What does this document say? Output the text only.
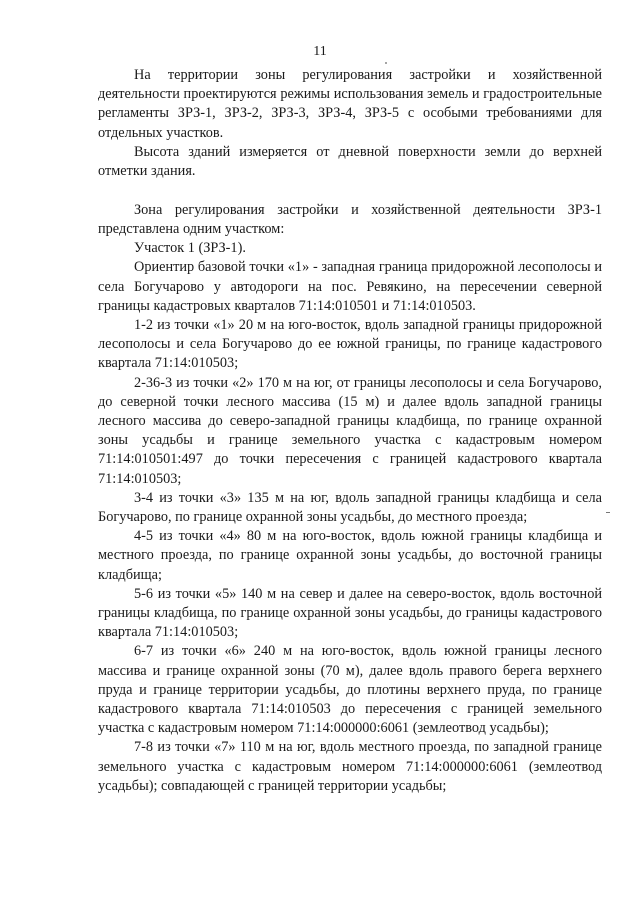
11

На территории зоны регулирования застройки и хозяйственной деятельности проектируются режимы использования земель и градостроительные регламенты ЗРЗ-1, ЗРЗ-2, ЗРЗ-3, ЗРЗ-4, ЗРЗ-5 с особыми требованиями для отдельных участков.

Высота зданий измеряется от дневной поверхности земли до верхней отметки здания.

Зона регулирования застройки и хозяйственной деятельности ЗРЗ-1 представлена одним участком:

Участок 1 (ЗРЗ-1).

Ориентир базовой точки «1» - западная граница придорожной лесополосы и села Богучарово у автодороги на пос. Ревякино, на пересечении северной границы кадастровых кварталов 71:14:010501 и 71:14:010503.

1-2 из точки «1» 20 м на юго-восток, вдоль западной границы придорожной лесополосы и села Богучарово до ее южной границы, по границе кадастрового квартала 71:14:010503;

2-36-3 из точки «2» 170 м на юг, от границы лесополосы и села Богучарово, до северной точки лесного массива (15 м) и далее вдоль западной границы лесного массива до северо-западной границы кладбища, по границе охранной зоны усадьбы и границе земельного участка с кадастровым номером 71:14:010501:497 до точки пересечения с границей кадастрового квартала 71:14:010503;

3-4 из точки «3» 135 м на юг, вдоль западной границы кладбища и села Богучарово, по границе охранной зоны усадьбы, до местного проезда;

4-5 из точки «4» 80 м на юго-восток, вдоль южной границы кладбища и местного проезда, по границе охранной зоны усадьбы, до восточной границы кладбища;

5-6 из точки «5» 140 м на север и далее на северо-восток, вдоль восточной границы кладбища, по границе охранной зоны усадьбы, до границы кадастрового квартала 71:14:010503;

6-7 из точки «6» 240 м на юго-восток, вдоль южной границы лесного массива и границе охранной зоны (70 м), далее вдоль правого берега верхнего пруда и границе территории усадьбы, до плотины верхнего пруда, по границе кадастрового квартала 71:14:010503 до пересечения с границей земельного участка с кадастровым номером 71:14:000000:6061 (землеотвод усадьбы);

7-8 из точки «7» 110 м на юг, вдоль местного проезда, по западной границе земельного участка с кадастровым номером 71:14:000000:6061 (землеотвод усадьбы); совпадающей с границей территории усадьбы;
